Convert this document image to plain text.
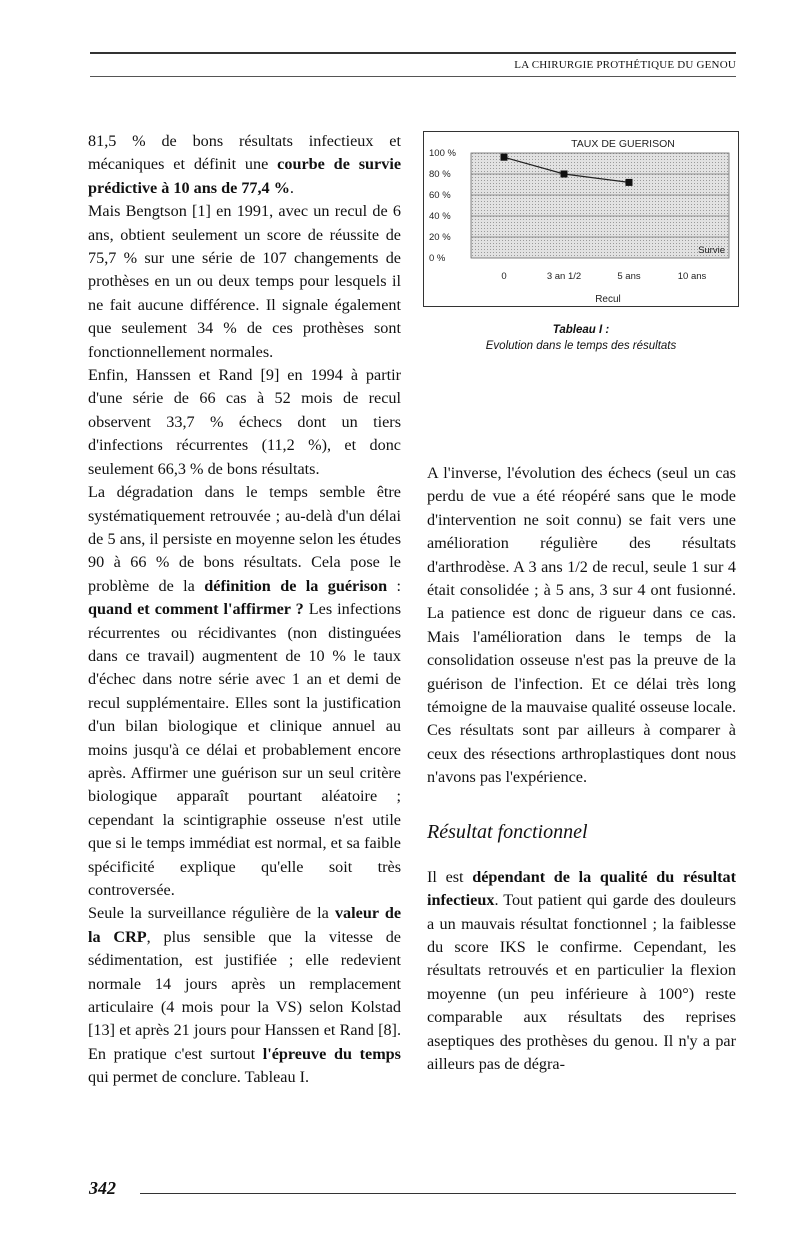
LA CHIRURGIE PROTHÉTIQUE DU GENOU

81,5 % de bons résultats infectieux et mécaniques et définit une courbe de survie prédictive à 10 ans de 77,4 %.

Mais Bengtson [1] en 1991, avec un recul de 6 ans, obtient seulement un score de réussite de 75,7 % sur une série de 107 changements de prothèses en un ou deux temps pour lesquels il ne fait aucune différence. Il signale également que seulement 34 % de ces prothèses sont fonctionnellement normales.

Enfin, Hanssen et Rand [9] en 1994 à partir d'une série de 66 cas à 52 mois de recul observent 33,7 % échecs dont un tiers d'infections récurrentes (11,2 %), et donc seulement 66,3 % de bons résultats.

La dégradation dans le temps semble être systématiquement retrouvée ; au-delà d'un délai de 5 ans, il persiste en moyenne selon les études 90 à 66 % de bons résultats. Cela pose le problème de la définition de la guérison : quand et comment l'affirmer ? Les infections récurrentes ou récidivantes (non distinguées dans ce travail) augmentent de 10 % le taux d'échec dans notre série avec 1 an et demi de recul supplémentaire. Elles sont la justification d'un bilan biologique et clinique annuel au moins jusqu'à ce délai et probablement encore après. Affirmer une guérison sur un seul critère biologique apparaît pourtant aléatoire ; cependant la scintigraphie osseuse n'est utile que si le temps immédiat est normal, et sa faible spécificité explique qu'elle soit très controversée.

Seule la surveillance régulière de la valeur de la CRP, plus sensible que la vitesse de sédimentation, est justifiée ; elle redevient normale 14 jours après un remplacement articulaire (4 mois pour la VS) selon Kolstad [13] et après 21 jours pour Hanssen et Rand [8]. En pratique c'est surtout l'épreuve du temps qui permet de conclure. Tableau I.

0 %
20 %
40 %
60 %
80 %
100 %
0	3 an 1/2	5 ans	10 ans
TAUX DE GUERISON
Recul
Survie
Tableau I :
Evolution dans le temps des résultats

A l'inverse, l'évolution des échecs (seul un cas perdu de vue a été réopéré sans que le mode d'intervention ne soit connu) se fait vers une amélioration régulière des résultats d'arthrodèse. A 3 ans 1/2 de recul, seule 1 sur 4 était consolidée ; à 5 ans, 3 sur 4 ont fusionné. La patience est donc de rigueur dans ce cas. Mais l'amélioration dans le temps de la consolidation osseuse n'est pas la preuve de la guérison de l'infection. Et ce délai très long témoigne de la mauvaise qualité osseuse locale. Ces résultats sont par ailleurs à comparer à ceux des résections arthroplastiques dont nous n'avons pas l'expérience.

Résultat fonctionnel

Il est dépendant de la qualité du résultat infectieux. Tout patient qui garde des douleurs a un mauvais résultat fonctionnel ; la faiblesse du score IKS le confirme. Cependant, les résultats retrouvés et en particulier la flexion moyenne (un peu inférieure à 100°) reste comparable aux résultats des reprises aseptiques des prothèses du genou. Il n'y a par ailleurs pas de dégra-

342
